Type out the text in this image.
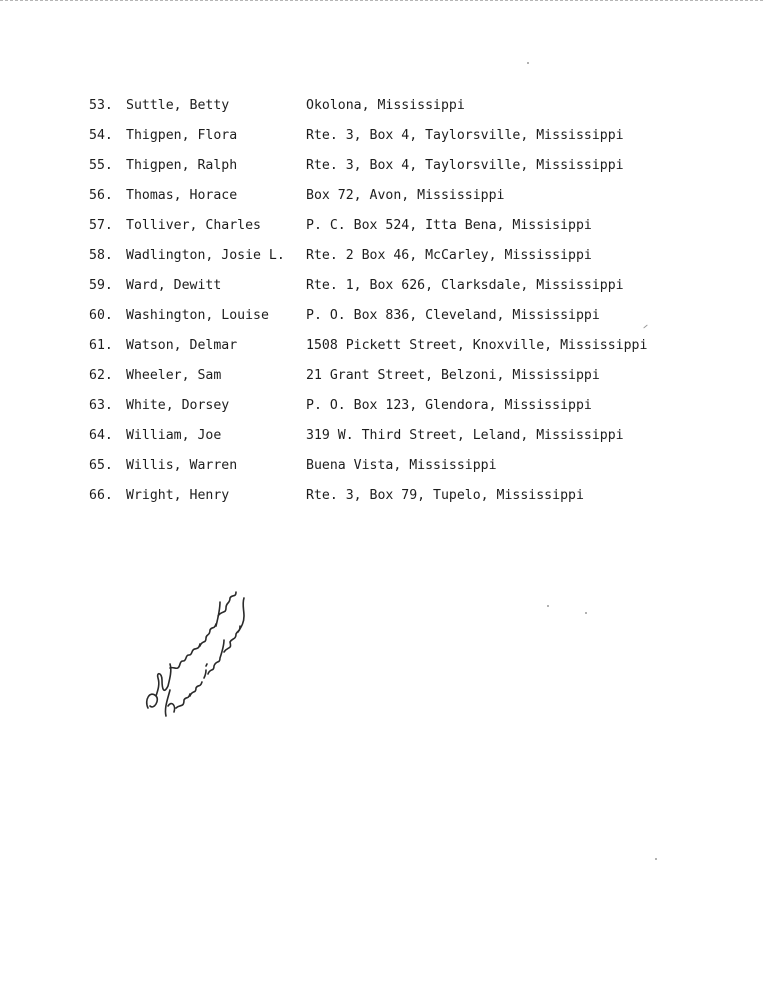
53. Suttle, Betty	Okolona, Mississippi
54. Thigpen, Flora	Rte. 3, Box 4, Taylorsville, Mississippi
55. Thigpen, Ralph	Rte. 3, Box 4, Taylorsville, Mississippi
56. Thomas, Horace	Box 72, Avon, Mississippi
57. Tolliver, Charles	P. C. Box 524, Itta Bena, Missisippi
58. Wadlington, Josie L. Rte. 2 Box 46, McCarley, Mississippi
59. Ward, Dewitt	Rte. 1, Box 626, Clarksdale, Mississippi
60. Washington, Louise	P. O. Box 836, Cleveland, Mississippi
61. Watson, Delmar	1508 Pickett Street, Knoxville, Mississippi
62. Wheeler, Sam	21 Grant Street, Belzoni, Mississippi
63. White, Dorsey	P. O. Box 123, Glendora, Mississippi
64. William, Joe	319 W. Third Street, Leland, Mississippi
65. Willis, Warren	Buena Vista, Mississippi
66. Wright, Henry	Rte. 3, Box 79, Tupelo, Mississippi
